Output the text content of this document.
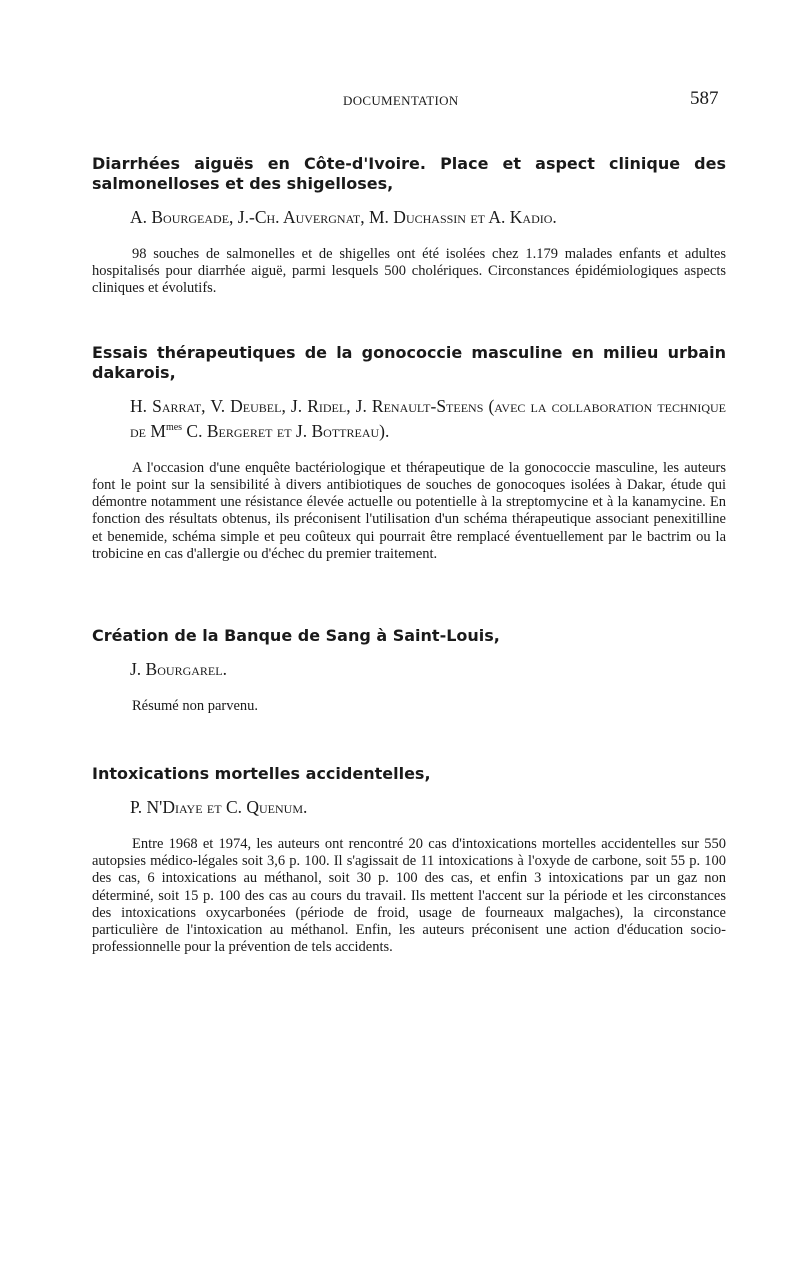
DOCUMENTATION	587

Diarrhées aiguës en Côte-d'Ivoire. Place et aspect clinique des salmonelloses et des shigelloses,

A. Bourgeade, J.-Ch. Auvergnat, M. Duchassin et A. Kadio.

98 souches de salmonelles et de shigelles ont été isolées chez 1.179 malades enfants et adultes hospitalisés pour diarrhée aiguë, parmi lesquels 500 cholériques. Circonstances épidémiologiques aspects cliniques et évolutifs.

Essais thérapeutiques de la gonococcie masculine en milieu urbain dakarois,

H. Sarrat, V. Deubel, J. Ridel, J. Renault-Steens (avec la collaboration technique de $M^{mes}$ C. Bergeret et J. Bottreau).

A l'occasion d'une enquête bactériologique et thérapeutique de la gonococcie masculine, les auteurs font le point sur la sensibilité à divers antibiotiques de souches de gonocoques isolées à Dakar, étude qui démontre notamment une résistance élevée actuelle ou potentielle à la streptomycine et à la kanamycine. En fonction des résultats obtenus, ils préconisent l'utilisation d'un schéma thérapeutique associant penexitilline et benemide, schéma simple et peu coûteux qui pourrait être remplacé éventuellement par le bactrim ou la trobicine en cas d'allergie ou d'échec du premier traitement.

Création de la Banque de Sang à Saint-Louis,

J. Bourgarel.

Résumé non parvenu.

Intoxications mortelles accidentelles,

P. N'Diaye et C. Quenum.

Entre 1968 et 1974, les auteurs ont rencontré 20 cas d'intoxications mortelles accidentelles sur 550 autopsies médico-légales soit 3,6 p. 100. Il s'agissait de 11 intoxications à l'oxyde de carbone, soit 55 p. 100 des cas, 6 intoxications au méthanol, soit 30 p. 100 des cas, et enfin 3 intoxications par un gaz non déterminé, soit 15 p. 100 des cas au cours du travail. Ils mettent l'accent sur la période et les circonstances des intoxications oxycarbonées (période de froid, usage de fourneaux malgaches), la circonstance particulière de l'intoxication au méthanol. Enfin, les auteurs préconisent une action d'éducation socio-professionnelle pour la prévention de tels accidents.
